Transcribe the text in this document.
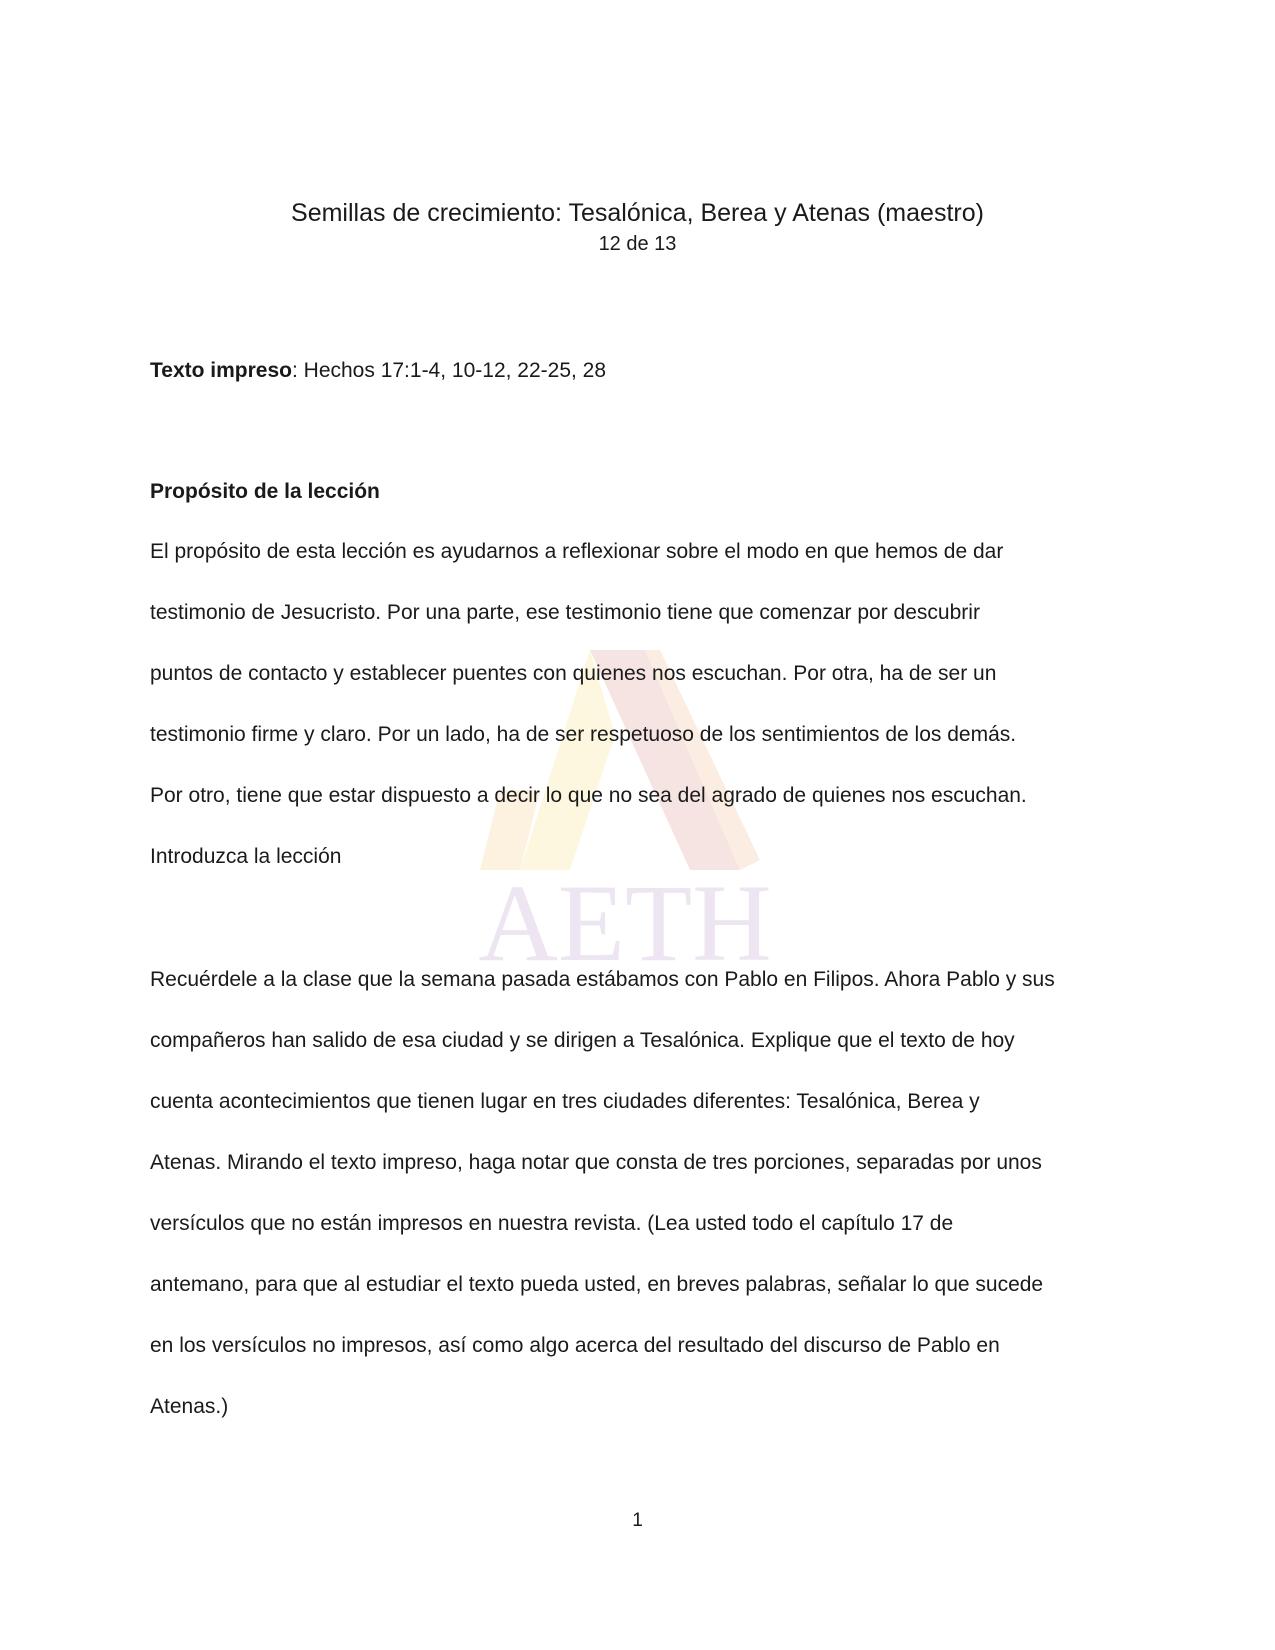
AETH
Semillas de crecimiento: Tesalónica, Berea y Atenas (maestro)
12 de 13
Texto impreso: Hechos 17:1-4, 10-12, 22-25, 28
Propósito de la lección
El propósito de esta lección es ayudarnos a reflexionar sobre el modo en que hemos de dar
testimonio de Jesucristo. Por una parte, ese testimonio tiene que comenzar por descubrir
puntos de contacto y establecer puentes con quienes nos escuchan. Por otra, ha de ser un
testimonio firme y claro. Por un lado, ha de ser respetuoso de los sentimientos de los demás.
Por otro, tiene que estar dispuesto a decir lo que no sea del agrado de quienes nos escuchan.
Introduzca la lección
Recuérdele a la clase que la semana pasada estábamos con Pablo en Filipos. Ahora Pablo y sus
compañeros han salido de esa ciudad y se dirigen a Tesalónica. Explique que el texto de hoy
cuenta acontecimientos que tienen lugar en tres ciudades diferentes: Tesalónica, Berea y
Atenas. Mirando el texto impreso, haga notar que consta de tres porciones, separadas por unos
versículos que no están impresos en nuestra revista. (Lea usted todo el capítulo 17 de
antemano, para que al estudiar el texto pueda usted, en breves palabras, señalar lo que sucede
en los versículos no impresos, así como algo acerca del resultado del discurso de Pablo en
Atenas.)
1
